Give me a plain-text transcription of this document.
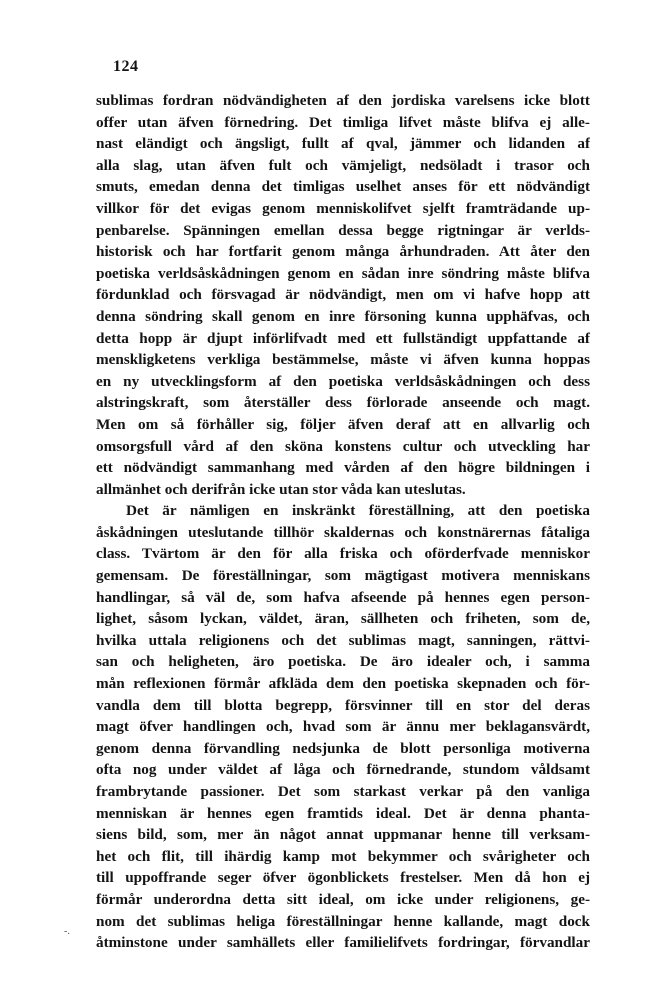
124
sublimas fordran nödvändigheten af den jordiska varelsens icke blott
offer utan äfven förnedring. Det timliga lifvet måste blifva ej alle-
nast eländigt och ängsligt, fullt af qval, jämmer och lidanden af
alla slag, utan äfven fult och vämjeligt, nedsöladt i trasor och
smuts, emedan denna det timligas uselhet anses för ett nödvändigt
villkor för det evigas genom menniskolifvet sjelft framträdande up-
penbarelse. Spänningen emellan dessa begge rigtningar är verlds-
historisk och har fortfarit genom många århundraden. Att åter den
poetiska verldsåskådningen genom en sådan inre söndring måste blifva
fördunklad och försvagad är nödvändigt, men om vi hafve hopp att
denna söndring skall genom en inre försoning kunna upphäfvas, och
detta hopp är djupt införlifvadt med ett fullständigt uppfattande af
menskligketens verkliga bestämmelse, måste vi äfven kunna hoppas
en ny utvecklingsform af den poetiska verldsåskådningen och dess
alstringskraft, som återställer dess förlorade anseende och magt.
Men om så förhåller sig, följer äfven deraf att en allvarlig och
omsorgsfull vård af den sköna konstens cultur och utveckling har
ett nödvändigt sammanhang med vården af den högre bildningen i
allmänhet och derifrån icke utan stor våda kan uteslutas.
Det är nämligen en inskränkt föreställning, att den poetiska
åskådningen uteslutande tillhör skaldernas och konstnärernas fåtaliga
class. Tvärtom är den för alla friska och oförderfvade menniskor
gemensam. De föreställningar, som mägtigast motivera menniskans
handlingar, så väl de, som hafva afseende på hennes egen person-
lighet, såsom lyckan, väldet, äran, sällheten och friheten, som de,
hvilka uttala religionens och det sublimas magt, sanningen, rättvi-
san och heligheten, äro poetiska. De äro idealer och, i samma
mån reflexionen förmår afkläda dem den poetiska skepnaden och för-
vandla dem till blotta begrepp, försvinner till en stor del deras
magt öfver handlingen och, hvad som är ännu mer beklagansvärdt,
genom denna förvandling nedsjunka de blott personliga motiverna
ofta nog under väldet af låga och förnedrande, stundom våldsamt
frambrytande passioner. Det som starkast verkar på den vanliga
menniskan är hennes egen framtids ideal. Det är denna phanta-
siens bild, som, mer än något annat uppmanar henne till verksam-
het och flit, till ihärdig kamp mot bekymmer och svårigheter och
till uppoffrande seger öfver ögonblickets frestelser. Men då hon ej
förmår underordna detta sitt ideal, om icke under religionens, ge-
nom det sublimas heliga föreställningar henne kallande, magt dock
åtminstone under samhällets eller familielifvets fordringar, förvandlar
-.
